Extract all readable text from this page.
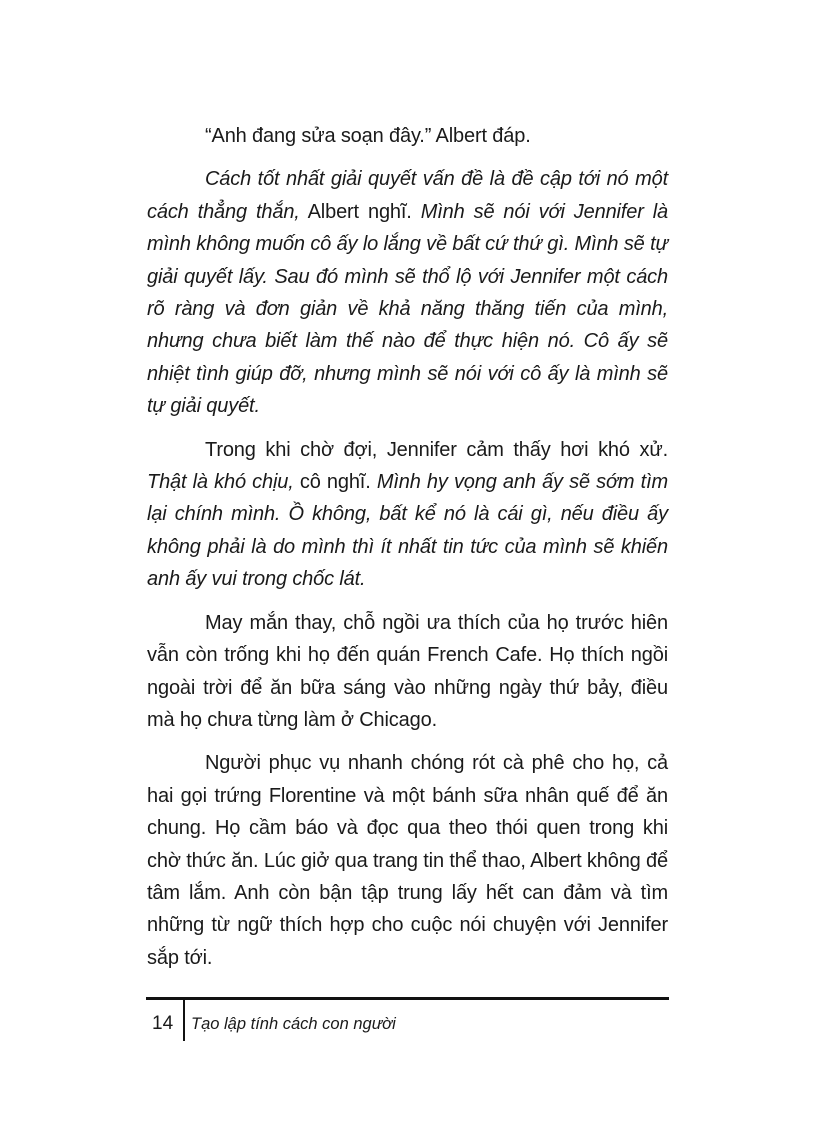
“Anh đang sửa soạn đây.” Albert đáp.

Cách tốt nhất giải quyết vấn đề là đề cập tới nó một cách thẳng thắn, Albert nghĩ. Mình sẽ nói với Jennifer là mình không muốn cô ấy lo lắng về bất cứ thứ gì. Mình sẽ tự giải quyết lấy. Sau đó mình sẽ thổ lộ với Jennifer một cách rõ ràng và đơn giản về khả năng thăng tiến của mình, nhưng chưa biết làm thế nào để thực hiện nó. Cô ấy sẽ nhiệt tình giúp đỡ, nhưng mình sẽ nói với cô ấy là mình sẽ tự giải quyết.

Trong khi chờ đợi, Jennifer cảm thấy hơi khó xử. Thật là khó chịu, cô nghĩ. Mình hy vọng anh ấy sẽ sớm tìm lại chính mình. Ồ không, bất kể nó là cái gì, nếu điều ấy không phải là do mình thì ít nhất tin tức của mình sẽ khiến anh ấy vui trong chốc lát.

May mắn thay, chỗ ngồi ưa thích của họ trước hiên vẫn còn trống khi họ đến quán French Cafe. Họ thích ngồi ngoài trời để ăn bữa sáng vào những ngày thứ bảy, điều mà họ chưa từng làm ở Chicago.

Người phục vụ nhanh chóng rót cà phê cho họ, cả hai gọi trứng Florentine và một bánh sữa nhân quế để ăn chung. Họ cầm báo và đọc qua theo thói quen trong khi chờ thức ăn. Lúc giở qua trang tin thể thao, Albert không để tâm lắm. Anh còn bận tập trung lấy hết can đảm và tìm những từ ngữ thích hợp cho cuộc nói chuyện với Jennifer sắp tới.

14 Tạo lập tính cách con người
